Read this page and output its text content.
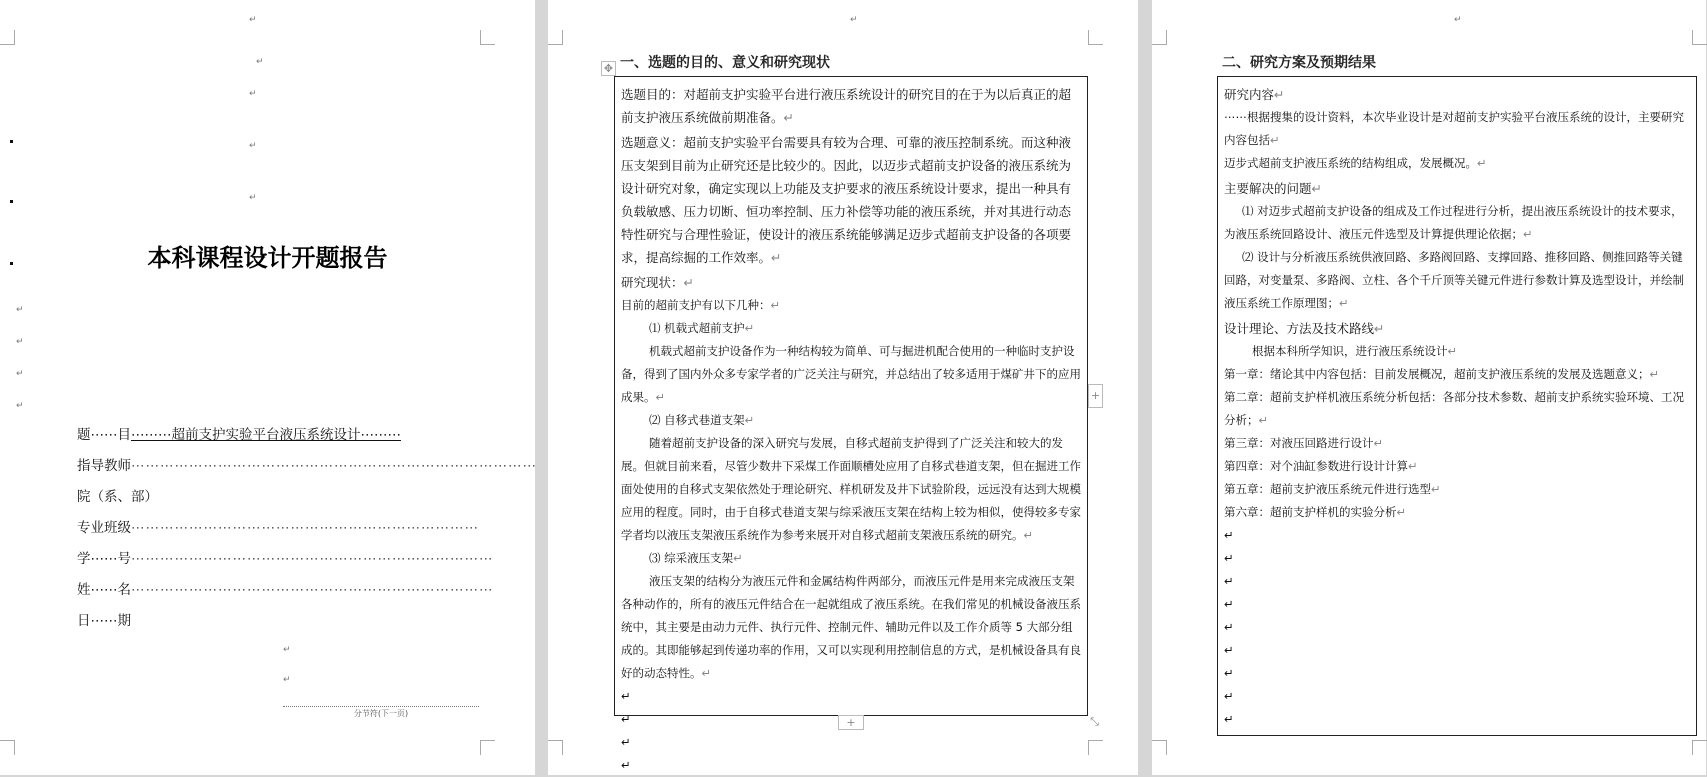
↵
↵
↵
↵
↵
↵
↵
↵
↵
↵
↵
本科课程设计开题报告
题⋯⋯目⋯⋯⋯超前支护实验平台液压系统设计⋯⋯⋯
指导教师⋯⋯⋯⋯⋯⋯⋯⋯⋯⋯⋯⋯⋯⋯⋯⋯⋯⋯⋯⋯⋯⋯⋯⋯⋯⋯⋯⋯
院（系、部）
专业班级⋯⋯⋯⋯⋯⋯⋯⋯⋯⋯⋯⋯⋯⋯⋯⋯⋯⋯⋯⋯⋯⋯⋯⋯
学⋯⋯号⋯⋯⋯⋯⋯⋯⋯⋯⋯⋯⋯⋯⋯⋯⋯⋯⋯⋯⋯⋯⋯⋯⋯⋯⋯
姓⋯⋯名⋯⋯⋯⋯⋯⋯⋯⋯⋯⋯⋯⋯⋯⋯⋯⋯⋯⋯⋯⋯⋯⋯⋯⋯⋯
日⋯⋯期
分节符(下一页)
↵
一、选题的目的、意义和研究现状
✥

选题目的：对超前支护实验平台进行液压系统设计的研究目的在于为以后真正的超前支护液压系统做前期准备。↵

选题意义：超前支护实验平台需要具有较为合理、可靠的液压控制系统。而这种液压支架到目前为止研究还是比较少的。因此，以迈步式超前支护设备的液压系统为设计研究对象，确定实现以上功能及支护要求的液压系统设计要求，提出一种具有负载敏感、压力切断、恒功率控制、压力补偿等功能的液压系统，并对其进行动态特性研究与合理性验证，使设计的液压系统能够满足迈步式超前支护设备的各项要求，提高综掘的工作效率。↵

研究现状：↵

目前的超前支护有以下几种：↵

⑴ 机载式超前支护↵

机载式超前支护设备作为一种结构较为简单、可与掘进机配合使用的一种临时支护设备，得到了国内外众多专家学者的广泛关注与研究，并总结出了较多适用于煤矿井下的应用成果。↵

⑵ 自移式巷道支架↵

随着超前支护设备的深入研究与发展，自移式超前支护得到了广泛关注和较大的发展。但就目前来看，尽管少数井下采煤工作面顺槽处应用了自移式巷道支架，但在掘进工作面处使用的自移式支架依然处于理论研究、样机研发及井下试验阶段，远远没有达到大规模应用的程度。同时，由于自移式巷道支架与综采液压支架在结构上较为相似，使得较多专家学者均以液压支架液压系统作为参考来展开对自移式超前支架液压系统的研究。↵

⑶ 综采液压支架↵

液压支架的结构分为液压元件和金属结构件两部分，而液压元件是用来完成液压支架各种动作的，所有的液压元件结合在一起就组成了液压系统。在我们常见的机械设备液压系统中，其主要是由动力元件、执行元件、控制元件、辅助元件以及工作介质等 5 大部分组成的。其即能够起到传递功率的作用，又可以实现利用控制信息的方式，是机械设备具有良好的动态特性。↵

↵

↵

↵

↵

+
+
⤡
↵
二、研究方案及预期结果

研究内容↵

⋯⋯根据搜集的设计资料，本次毕业设计是对超前支护实验平台液压系统的设计，主要研究内容包括↵

迈步式超前支护液压系统的结构组成，发展概况。↵

主要解决的问题↵

⑴ 对迈步式超前支护设备的组成及工作过程进行分析，提出液压系统设计的技术要求，为液压系统回路设计、液压元件选型及计算提供理论依据；↵

⑵ 设计与分析液压系统供液回路、多路阀回路、支撑回路、推移回路、侧推回路等关键回路，对变量泵、多路阀、立柱、各个千斤顶等关键元件进行参数计算及选型设计，并绘制液压系统工作原理图；↵

设计理论、方法及技术路线↵

根据本科所学知识，进行液压系统设计↵

第一章：绪论其中内容包括：目前发展概况，超前支护液压系统的发展及选题意义；↵

第二章：超前支护样机液压系统分析包括：各部分技术参数、超前支护系统实验环境、工况分析；↵

第三章：对液压回路进行设计↵

第四章：对个油缸参数进行设计计算↵

第五章：超前支护液压系统元件进行选型↵

第六章：超前支护样机的实验分析↵

↵

↵

↵

↵

↵

↵

↵

↵

↵
